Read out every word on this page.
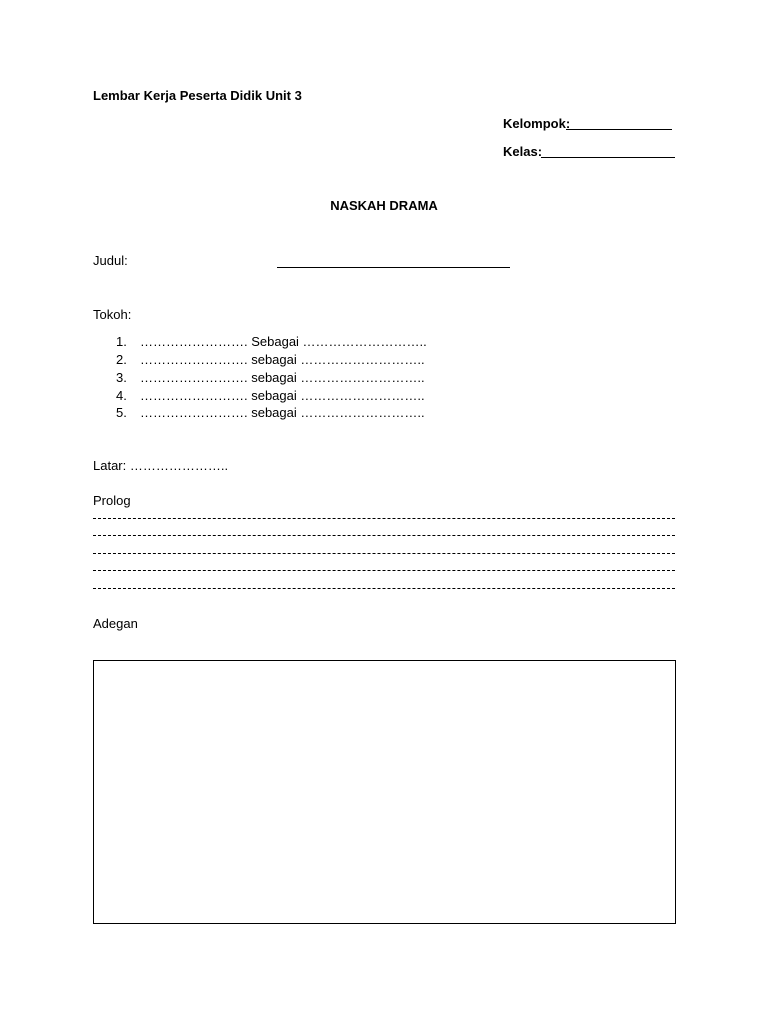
Lembar Kerja Peserta Didik Unit 3
Kelompok:
Kelas:
NASKAH DRAMA
Judul:
Tokoh:
1. ……………………. Sebagai ………………………..
2. ……………………. sebagai ………………………..
3. ……………………. sebagai ………………………..
4. ……………………. sebagai ………………………..
5. ……………………. sebagai ………………………..
Latar: …………………..
Prolog
Adegan
